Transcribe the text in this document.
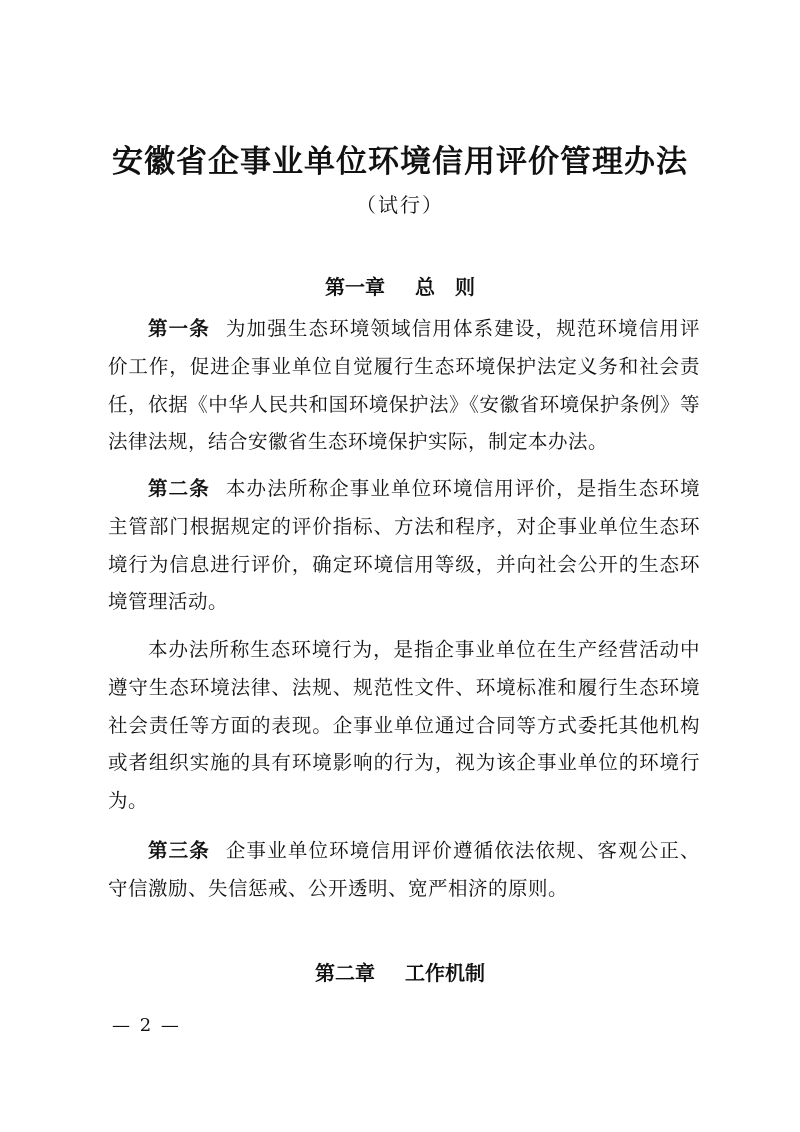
安徽省企事业单位环境信用评价管理办法
（试行）
第一章 总　则

第一条 为加强生态环境领域信用体系建设，规范环境信用评价工作，促进企事业单位自觉履行生态环境保护法定义务和社会责任，依据《中华人民共和国环境保护法》《安徽省环境保护条例》等法律法规，结合安徽省生态环境保护实际，制定本办法。

第二条 本办法所称企事业单位环境信用评价，是指生态环境主管部门根据规定的评价指标、方法和程序，对企事业单位生态环境行为信息进行评价，确定环境信用等级，并向社会公开的生态环境管理活动。

本办法所称生态环境行为，是指企事业单位在生产经营活动中遵守生态环境法律、法规、规范性文件、环境标准和履行生态环境社会责任等方面的表现。企事业单位通过合同等方式委托其他机构或者组织实施的具有环境影响的行为，视为该企事业单位的环境行为。

第三条 企事业单位环境信用评价遵循依法依规、客观公正、守信激励、失信惩戒、公开透明、宽严相济的原则。

第二章 工作机制
— 2 —
